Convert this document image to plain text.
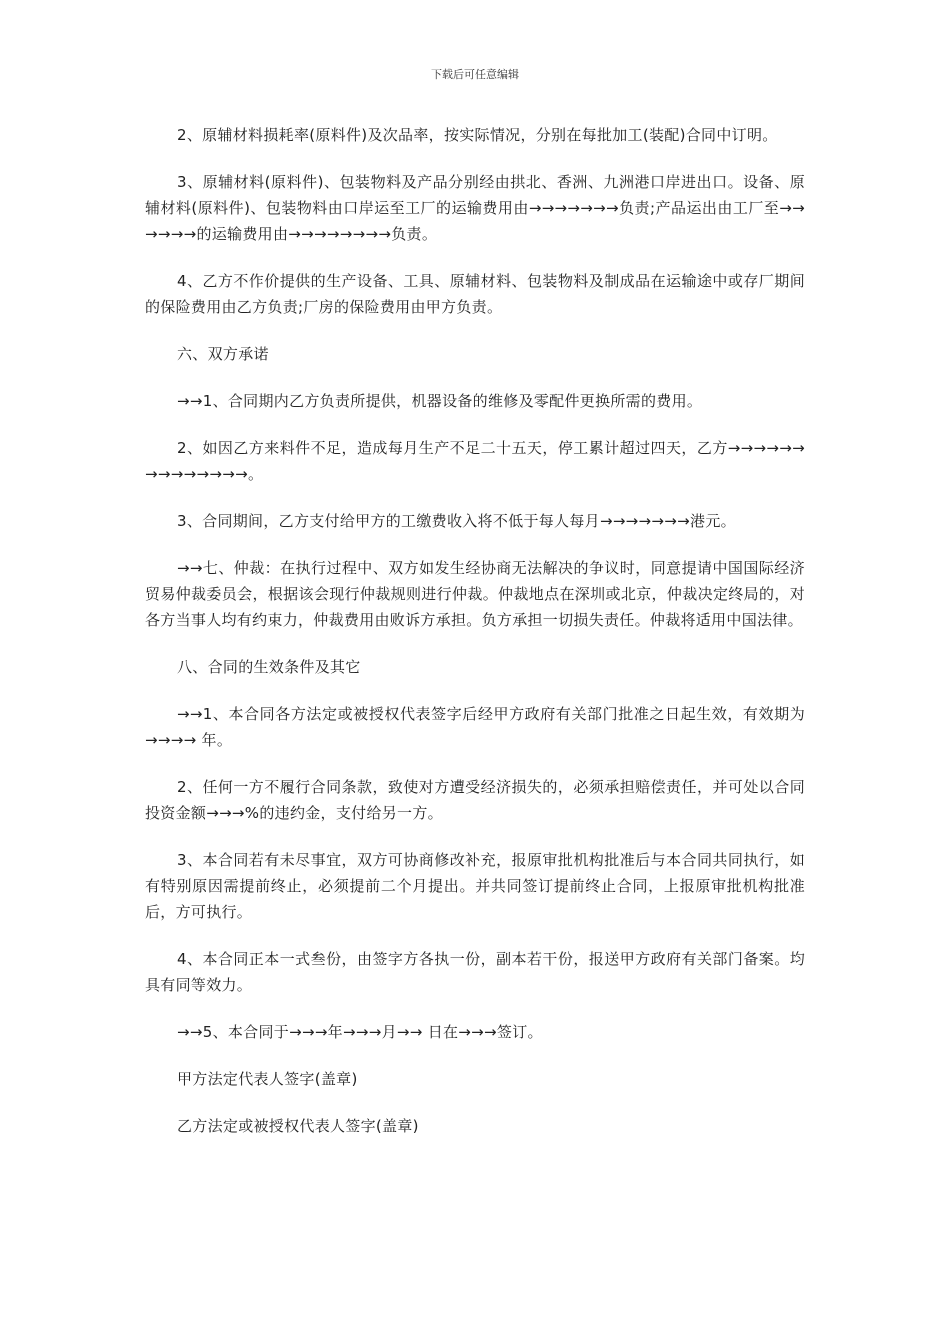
下载后可任意编辑

2、原辅材料损耗率(原料件)及次品率，按实际情况，分别在每批加工(装配)合同中订明。

3、原辅材料(原料件)、包装物料及产品分别经由拱北、香洲、九洲港口岸进出口。设备、原辅材料(原料件)、包装物料由口岸运至工厂的运输费用由→→→→→→→负责;产品运出由工厂至→→→→→→的运输费用由→→→→→→→→负责。

4、乙方不作价提供的生产设备、工具、原辅材料、包装物料及制成品在运输途中或存厂期间的保险费用由乙方负责;厂房的保险费用由甲方负责。

六、双方承诺

→→1、合同期内乙方负责所提供，机器设备的维修及零配件更换所需的费用。

2、如因乙方来料件不足，造成每月生产不足二十五天，停工累计超过四天，乙方→→→→→→→→→→→→→→。

3、合同期间，乙方支付给甲方的工缴费收入将不低于每人每月→→→→→→→港元。

→→七、仲裁：在执行过程中、双方如发生经协商无法解决的争议时，同意提请中国国际经济贸易仲裁委员会，根据该会现行仲裁规则进行仲裁。仲裁地点在深圳或北京，仲裁决定终局的，对各方当事人均有约束力，仲裁费用由败诉方承担。负方承担一切损失责任。仲裁将适用中国法律。

八、合同的生效条件及其它

→→1、本合同各方法定或被授权代表签字后经甲方政府有关部门批准之日起生效，有效期为→→→→ 年。

2、任何一方不履行合同条款，致使对方遭受经济损失的，必须承担赔偿责任，并可处以合同投资金额→→→%的违约金，支付给另一方。

3、本合同若有未尽事宜，双方可协商修改补充，报原审批机构批准后与本合同共同执行，如有特别原因需提前终止，必须提前二个月提出。并共同签订提前终止合同，上报原审批机构批准后，方可执行。

4、本合同正本一式叁份，由签字方各执一份，副本若干份，报送甲方政府有关部门备案。均具有同等效力。

→→5、本合同于→→→年→→→月→→ 日在→→→签订。

甲方法定代表人签字(盖章)

乙方法定或被授权代表人签字(盖章)
